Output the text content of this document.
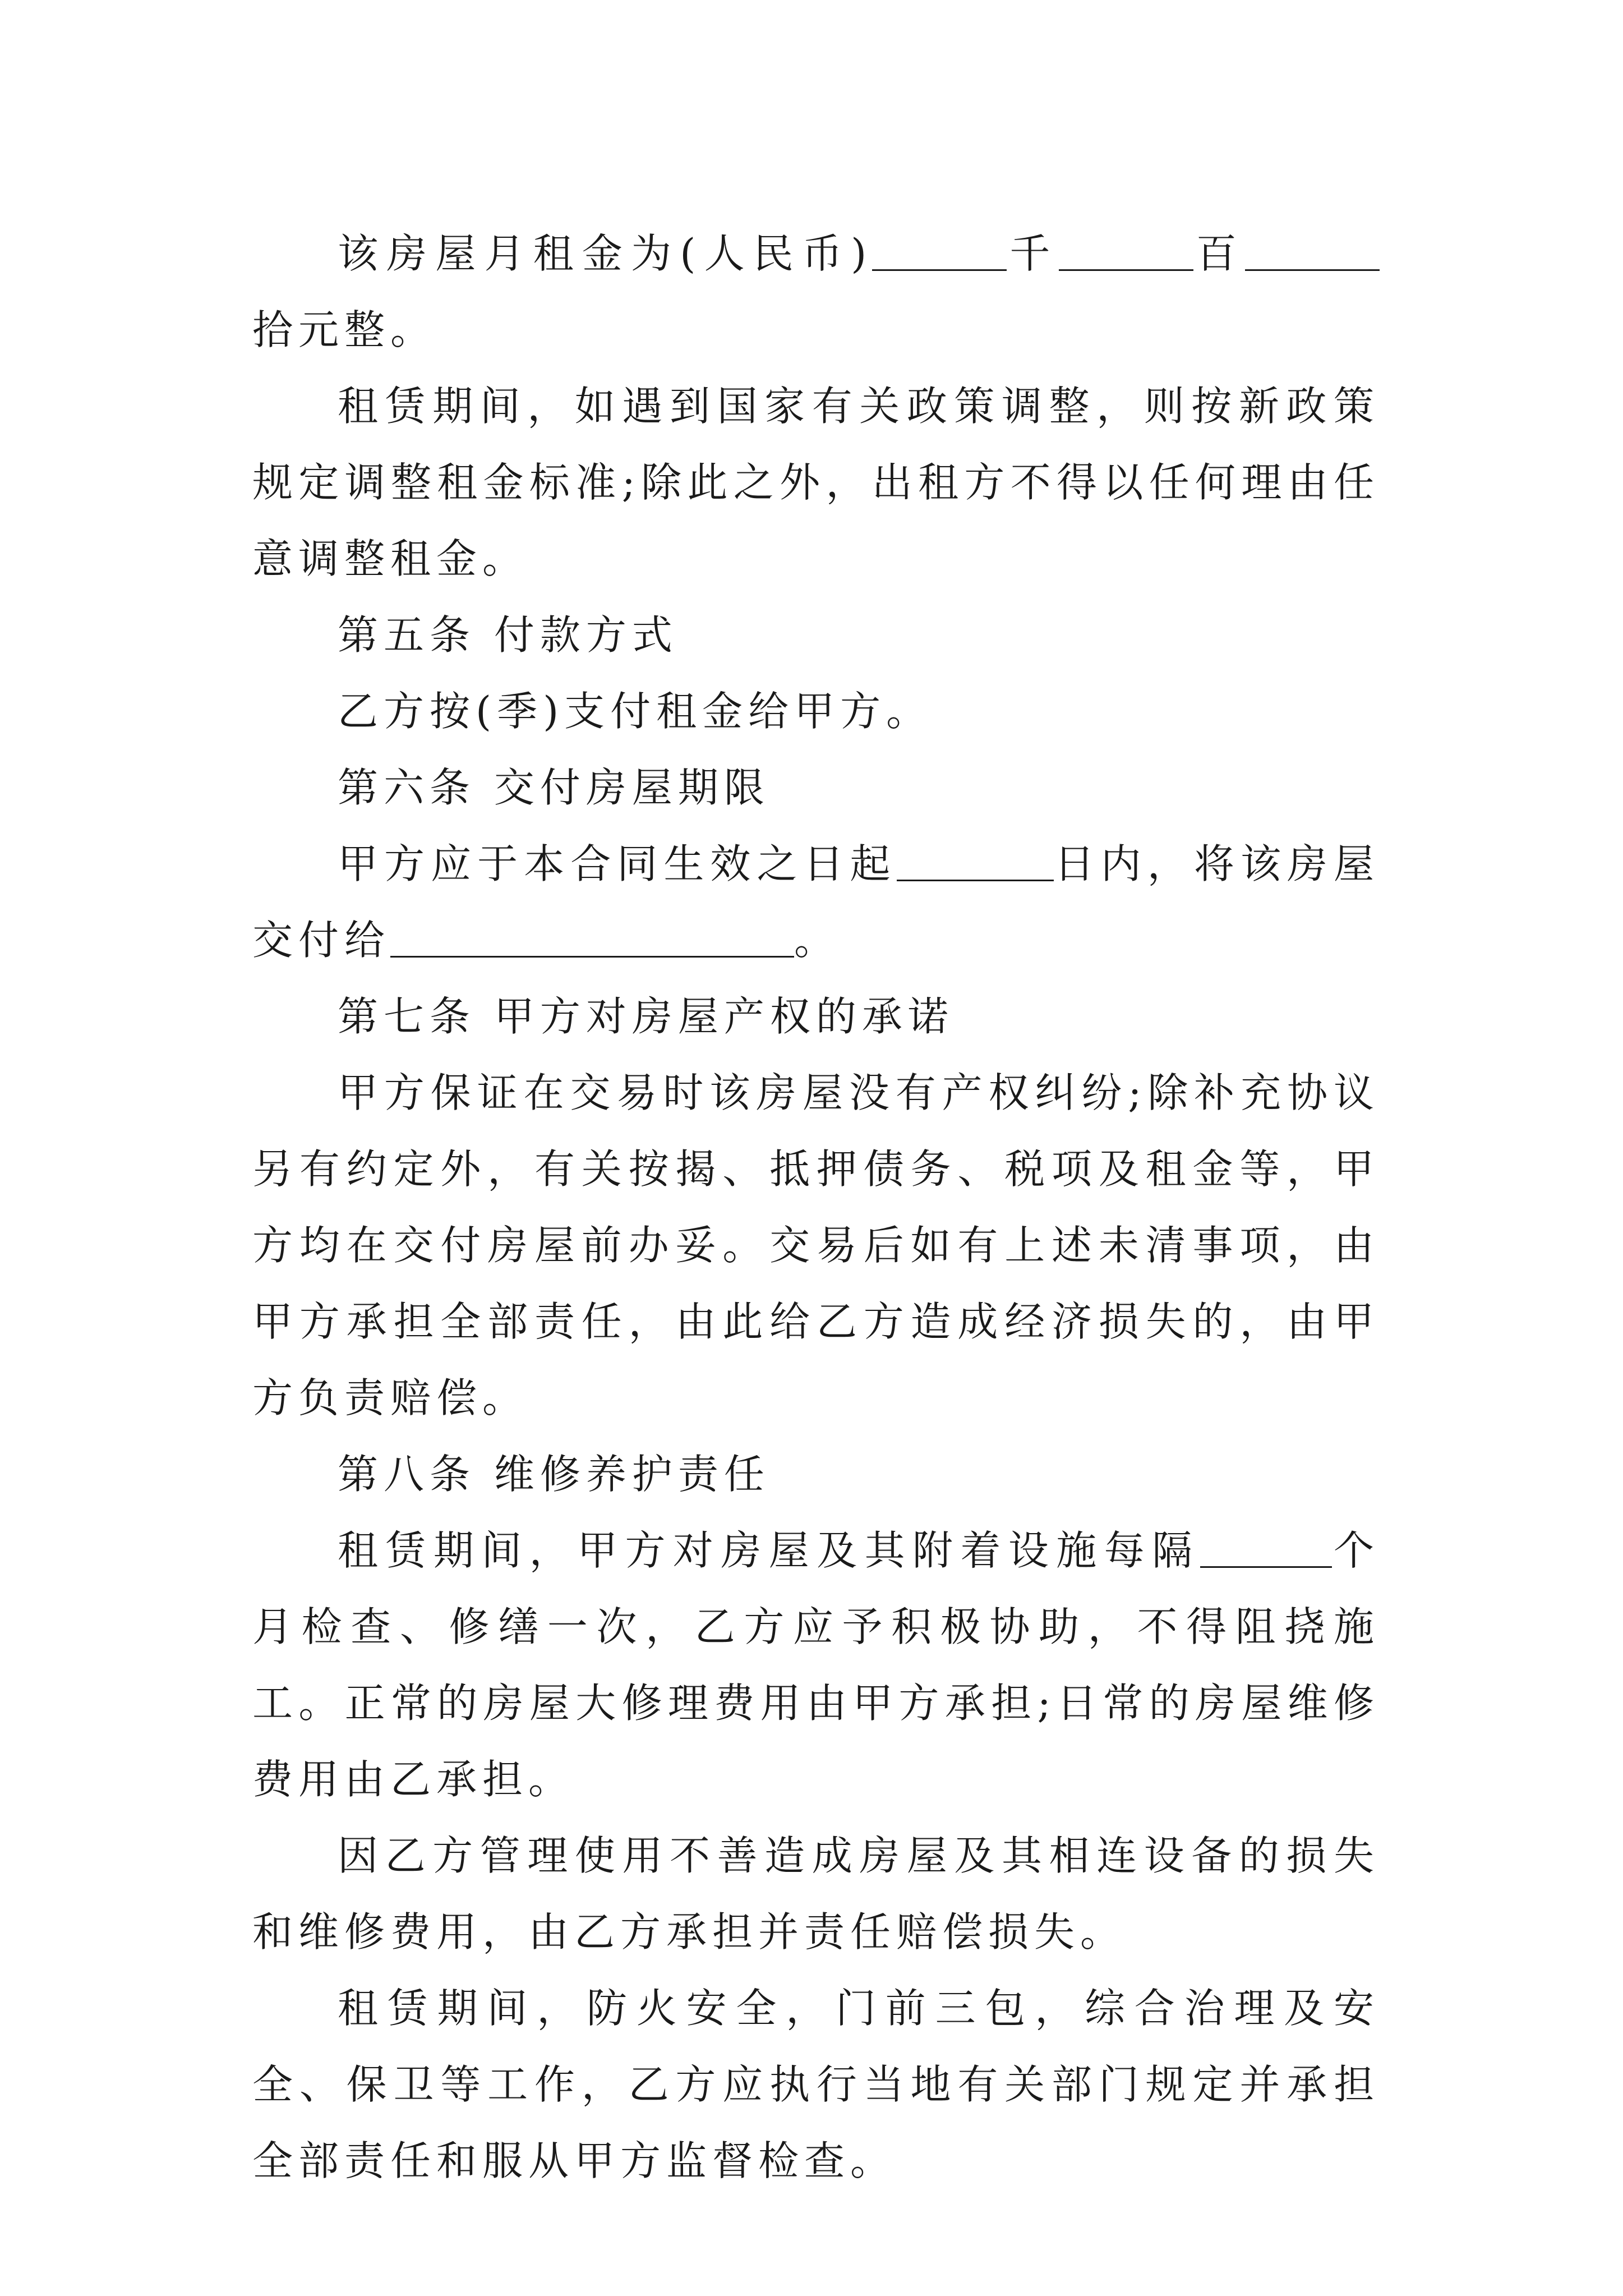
该房屋月租金为(人民币)	千	百拾元整。

租赁期间，如遇到国家有关政策调整，则按新政策规定调整租金标准;除此之外，出租方不得以任何理由任意调整租金。

第五条 付款方式

乙方按(季)支付租金给甲方。

第六条 交付房屋期限

甲方应于本合同生效之日起	日内，将该房屋交付给	。

第七条 甲方对房屋产权的承诺

甲方保证在交易时该房屋没有产权纠纷;除补充协议另有约定外，有关按揭、抵押债务、税项及租金等，甲方均在交付房屋前办妥。交易后如有上述未清事项，由甲方承担全部责任，由此给乙方造成经济损失的，由甲方负责赔偿。

第八条 维修养护责任

租赁期间，甲方对房屋及其附着设施每隔	个月检查、修缮一次，乙方应予积极协助，不得阻挠施工。正常的房屋大修理费用由甲方承担;日常的房屋维修费用由乙承担。

因乙方管理使用不善造成房屋及其相连设备的损失和维修费用，由乙方承担并责任赔偿损失。

租赁期间，防火安全，门前三包，综合治理及安全、保卫等工作，乙方应执行当地有关部门规定并承担全部责任和服从甲方监督检查。
